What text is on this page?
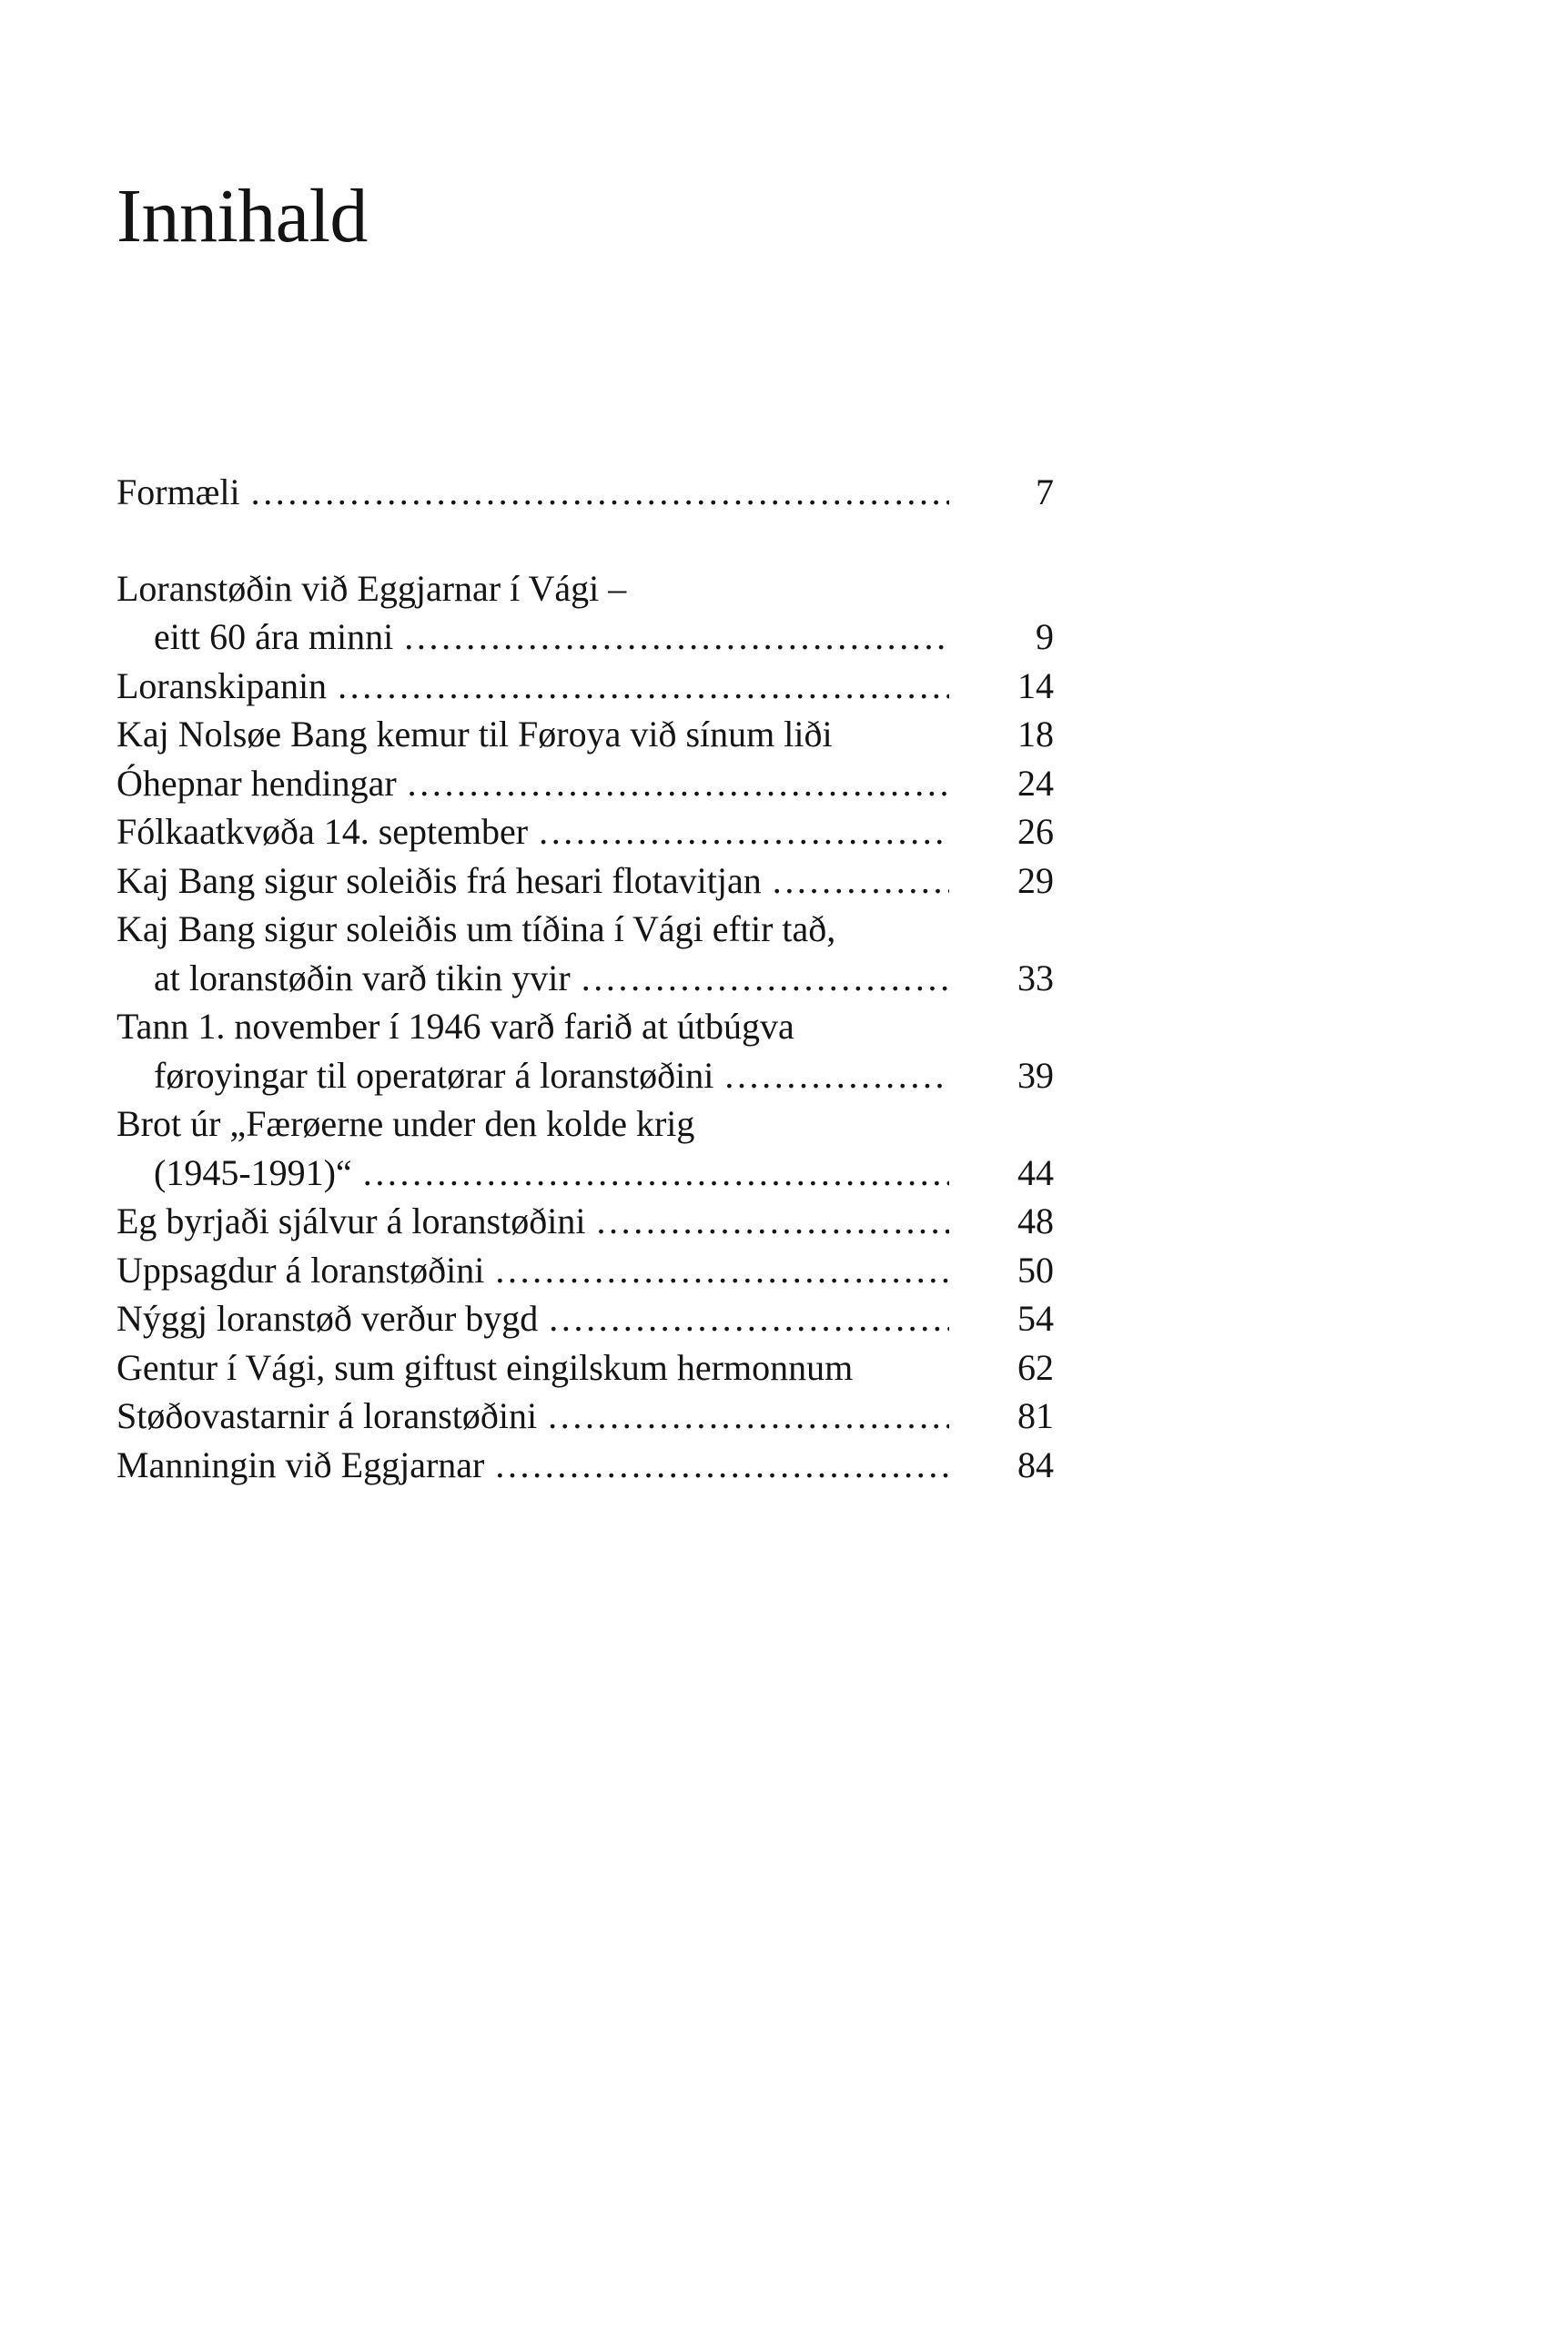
Innihald
Formæli . . .	7
Loranstøðin við Eggjarnar í Vági –
eitt 60 ára minni . . .	9
Loranskipanin . . .	14
Kaj Nolsøe Bang kemur til Føroya við sínum liði	18
Óhepnar hendingar . . .	24
Fólkaatkvøða 14. september . . .	26
Kaj Bang sigur soleiðis frá hesari flotavitjan . . .	29
Kaj Bang sigur soleiðis um tíðina í Vági eftir tað,
at loranstøðin varð tikin yvir . . .	33
Tann 1. november í 1946 varð farið at útbúgva
føroyingar til operatørar á loranstøðini . . .	39
Brot úr „Færøerne under den kolde krig
(1945-1991)“ . . .	44
Eg byrjaði sjálvur á loranstøðini . . .	48
Uppsagdur á loranstøðini . . .	50
Nýggj loranstøð verður bygd . . .	54
Gentur í Vági, sum giftust eingilskum hermonnum	62
Støðovastarnir á loranstøðini . . .	81
Manningin við Eggjarnar . . .	84
